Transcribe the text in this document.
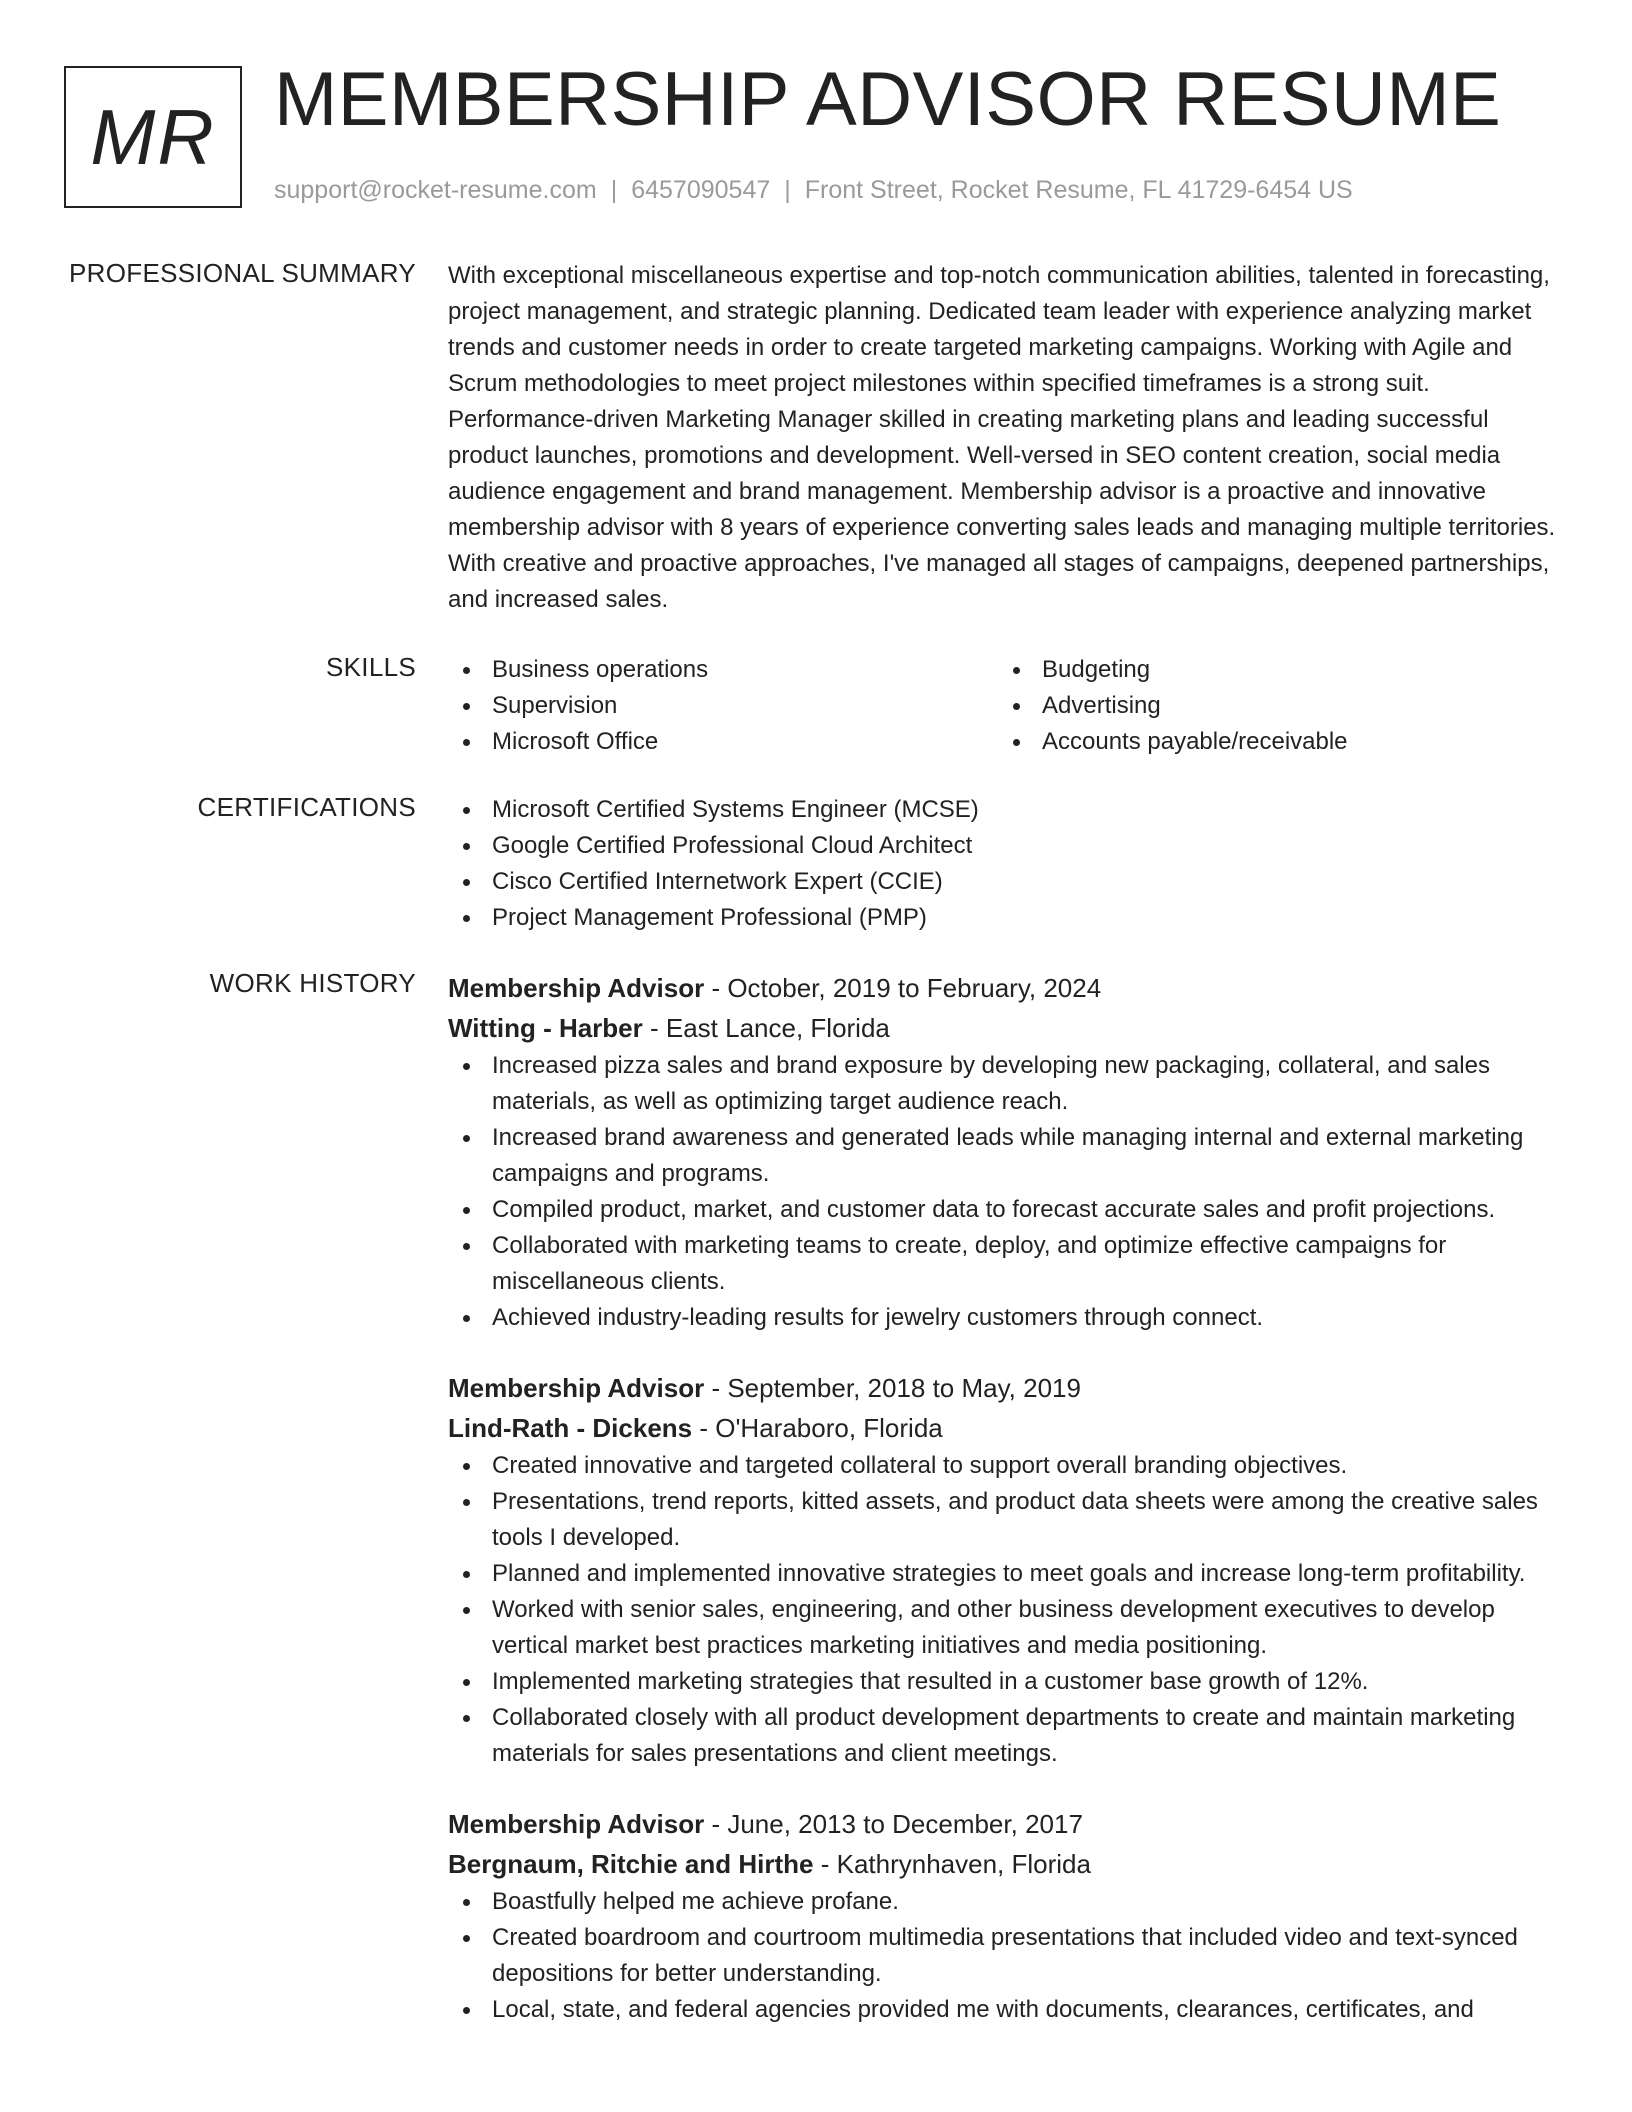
MR MEMBERSHIP ADVISOR RESUME
support@rocket-resume.com | 6457090547 | Front Street, Rocket Resume, FL 41729-6454 US
PROFESSIONAL SUMMARY With exceptional miscellaneous expertise and top-notch communication abilities, talented in forecasting, project management, and strategic planning. Dedicated team leader with experience analyzing market trends and customer needs in order to create targeted marketing campaigns. Working with Agile and Scrum methodologies to meet project milestones within specified timeframes is a strong suit. Performance-driven Marketing Manager skilled in creating marketing plans and leading successful product launches, promotions and development. Well-versed in SEO content creation, social media audience engagement and brand management. Membership advisor is a proactive and innovative membership advisor with 8 years of experience converting sales leads and managing multiple territories. With creative and proactive approaches, I've managed all stages of campaigns, deepened partnerships, and increased sales.

SKILLS	Business operations	Budgeting
Supervision	Advertising
Microsoft Office	Accounts payable/receivable
CERTIFICATIONS	Microsoft Certified Systems Engineer (MCSE)
Google Certified Professional Cloud Architect
Cisco Certified Internetwork Expert (CCIE)
Project Management Professional (PMP)
WORK HISTORY Membership Advisor - October, 2019 to February, 2024
Witting - Harber - East Lance, Florida
Increased pizza sales and brand exposure by developing new packaging, collateral, and sales materials, as well as optimizing target audience reach.
Increased brand awareness and generated leads while managing internal and external marketing campaigns and programs.
Compiled product, market, and customer data to forecast accurate sales and profit projections.
Collaborated with marketing teams to create, deploy, and optimize effective campaigns for miscellaneous clients.
Achieved industry-leading results for jewelry customers through connect.
Membership Advisor - September, 2018 to May, 2019
Lind-Rath - Dickens - O'Haraboro, Florida
Created innovative and targeted collateral to support overall branding objectives.
Presentations, trend reports, kitted assets, and product data sheets were among the creative sales tools I developed.
Planned and implemented innovative strategies to meet goals and increase long-term profitability.
Worked with senior sales, engineering, and other business development executives to develop vertical market best practices marketing initiatives and media positioning.
Implemented marketing strategies that resulted in a customer base growth of 12%.
Collaborated closely with all product development departments to create and maintain marketing materials for sales presentations and client meetings.
Membership Advisor - June, 2013 to December, 2017
Bergnaum, Ritchie and Hirthe - Kathrynhaven, Florida
Boastfully helped me achieve profane.
Created boardroom and courtroom multimedia presentations that included video and text-synced depositions for better understanding.
Local, state, and federal agencies provided me with documents, clearances, certificates, and
